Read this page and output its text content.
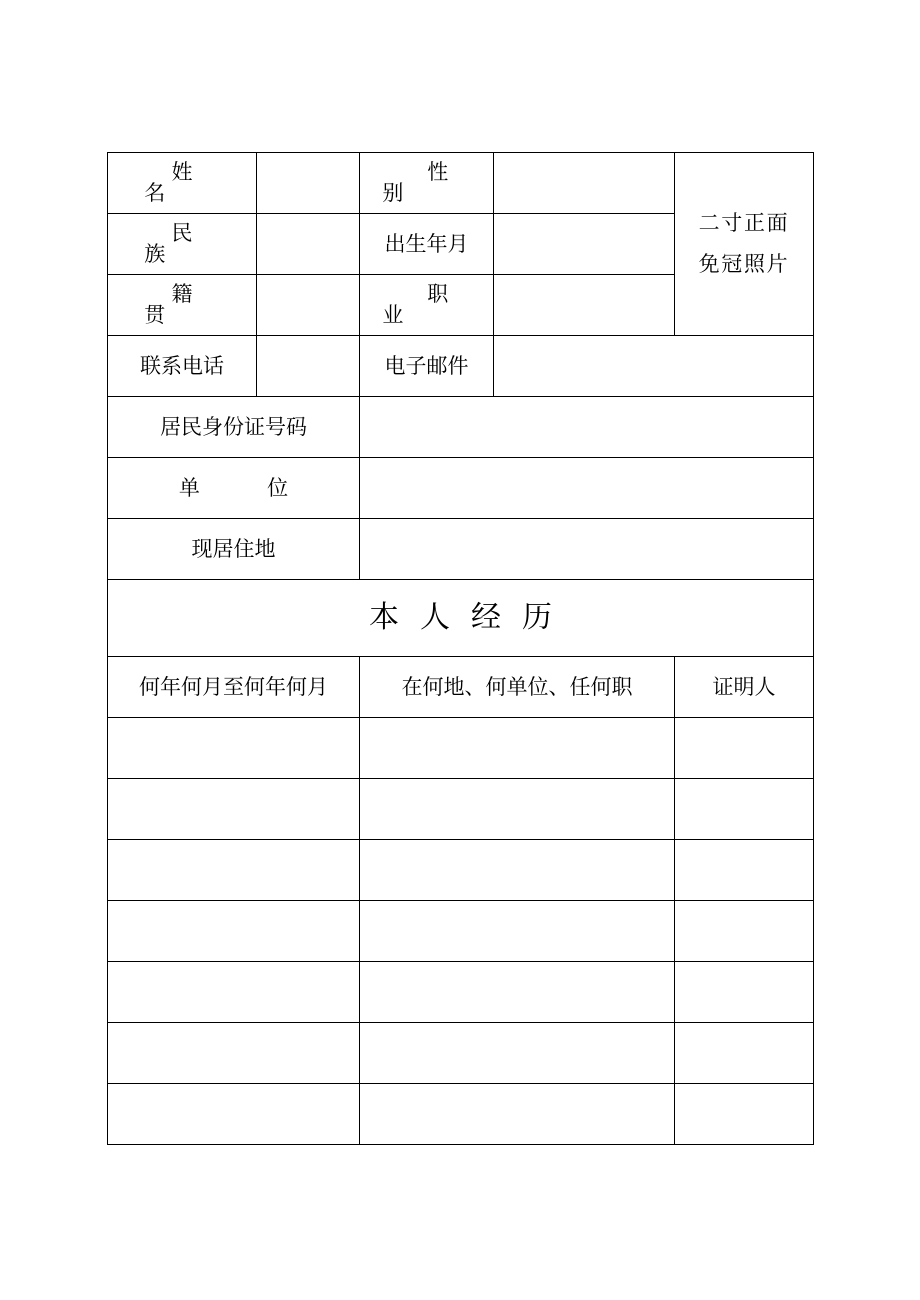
姓名		性别		二寸正面
免冠照片
民族		出生年月		
籍贯		职业		
联系电话		电子邮件		
居民身份证号码				
单位				
现居住地				
本人经历				
何年何月至何年何月		在何地、何单位、任何职		证明人
